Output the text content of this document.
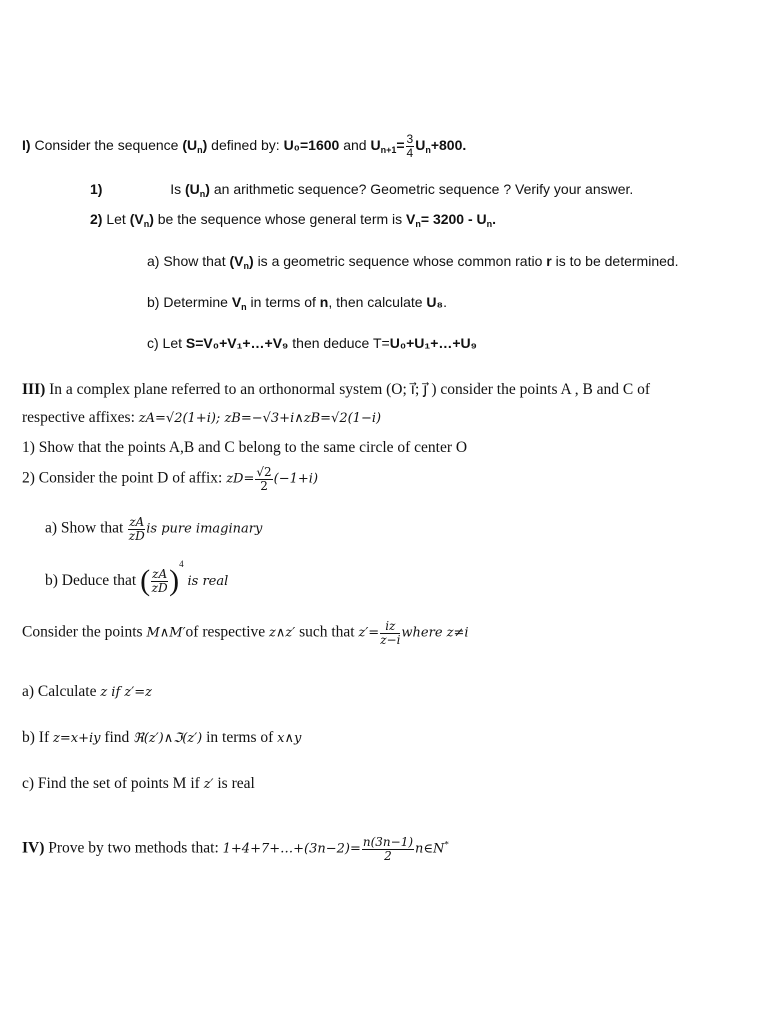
I) Consider the sequence $(U_n)$ defined by: U₀=1600 and $U_{n+1}= \frac{3}{4} U_n+800$.
1)	Is $(U_n)$ an arithmetic sequence? Geometric sequence ? Verify your answer.
2) Let $(V_n)$ be the sequence whose general term is $V_n= 3200 - U_n$.
a) Show that $(V_n)$ is a geometric sequence whose common ratio r is to be determined.
b) Determine $V_n$ in terms of n, then calculate U₈.
c) Let S=V₀+V₁+…+V₉ then deduce T=U₀+U₁+…+U₉
III) In a complex plane referred to an orthonormal system (O; i⃗; j⃗ ) consider the points A , B and C of
respective affixes: zA=√2(1+i); zB=−√3+i∧zB=√2(1−i)
1) Show that the points A,B and C belong to the same circle of center O
2) Consider the point D of affix: $zD= \frac{√2}{2} (-1+i)$
a) Show that $\frac{zA}{zD}$ is pure imaginary
b) Deduce that ( $\frac{zA}{zD} )^4$ is real
Consider the points M∧M′of respective z∧z′ such that $z'= \frac{iz}{z-i}$ where z≠i
a) Calculate z if z′=z
b) If z=x+iy find ℜ(z′)∧ℑ(z′) in terms of x∧y
c) Find the set of points M if z′ is real
IV) Prove by two methods that: 1+4+7+…+(3n−2)= $\frac{n(3n-1)}{2}$ n∈N*
